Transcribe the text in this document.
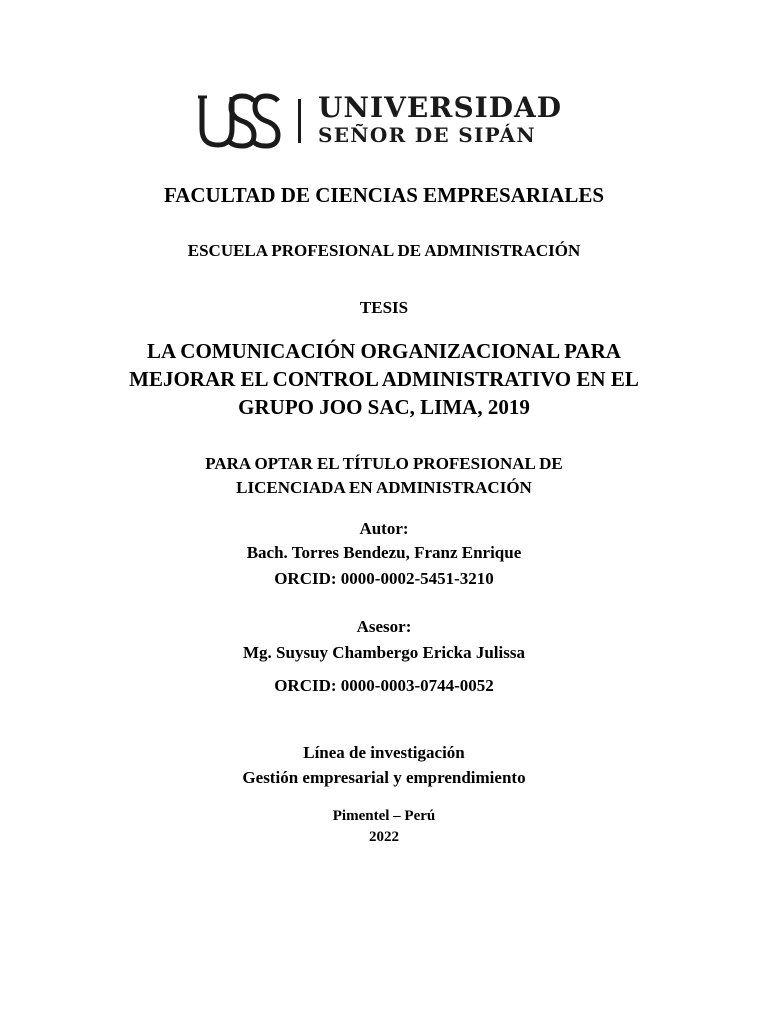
UNIVERSIDAD
SEÑOR DE SIPÁN
FACULTAD DE CIENCIAS EMPRESARIALES
ESCUELA PROFESIONAL DE ADMINISTRACIÓN
TESIS
LA COMUNICACIÓN ORGANIZACIONAL PARA
MEJORAR EL CONTROL ADMINISTRATIVO EN EL
GRUPO JOO SAC, LIMA, 2019
PARA OPTAR EL TÍTULO PROFESIONAL DE
LICENCIADA EN ADMINISTRACIÓN
Autor:
Bach. Torres Bendezu, Franz Enrique
ORCID: 0000-0002-5451-3210
Asesor:
Mg. Suysuy Chambergo Ericka Julissa
ORCID: 0000-0003-0744-0052
Línea de investigación
Gestión empresarial y emprendimiento
Pimentel – Perú
2022
